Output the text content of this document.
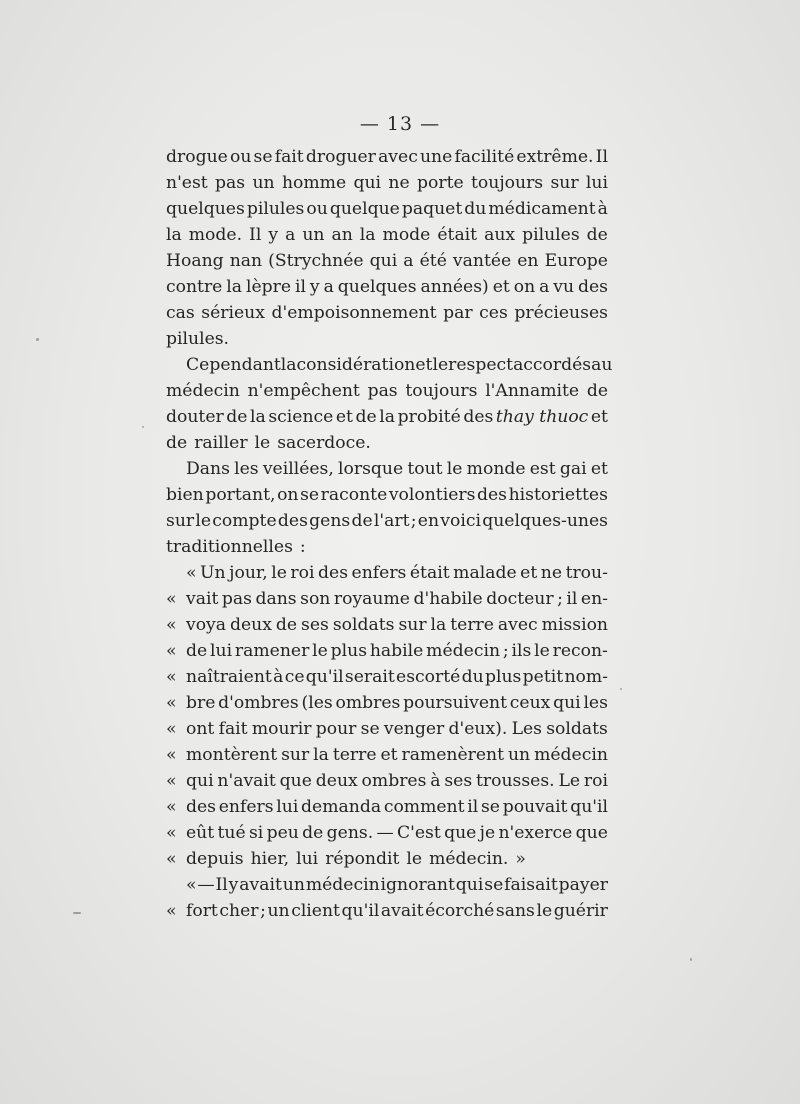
— 13 —
drogue ou se fait droguer avec une facilité extrême. Il
n'est pas un homme qui ne porte toujours sur lui
quelques pilules ou quelque paquet du médicament à
la mode. Il y a un an la mode était aux pilules de
Hoang nan (Strychnée qui a été vantée en Europe
contre la lèpre il y a quelques années) et on a vu des
cas sérieux d'empoisonnement par ces précieuses
pilules.
Cependant la considération et le respect accordés au
médecin n'empêchent pas toujours l'Annamite de
douter de la science et de la probité des thay thuoc et
de railler le sacerdoce.
Dans les veillées, lorsque tout le monde est gai et
bien portant, on se raconte volontiers des historiettes
sur le compte des gens de l'art ; en voici quelques-unes
traditionnelles :
« Un jour, le roi des enfers était malade et ne trou-
« vait pas dans son royaume d'habile docteur ; il en-
« voya deux de ses soldats sur la terre avec mission
« de lui ramener le plus habile médecin ; ils le recon-
« naîtraient à ce qu'il serait escorté du plus petit nom-
« bre d'ombres (les ombres poursuivent ceux qui les
« ont fait mourir pour se venger d'eux). Les soldats
« montèrent sur la terre et ramenèrent un médecin
« qui n'avait que deux ombres à ses trousses. Le roi
« des enfers lui demanda comment il se pouvait qu'il
« eût tué si peu de gens. — C'est que je n'exerce que
« depuis hier, lui répondit le médecin. »
« — Il y avait un médecin ignorant qui se faisait payer
« fort cher ; un client qu'il avait écorché sans le guérir
